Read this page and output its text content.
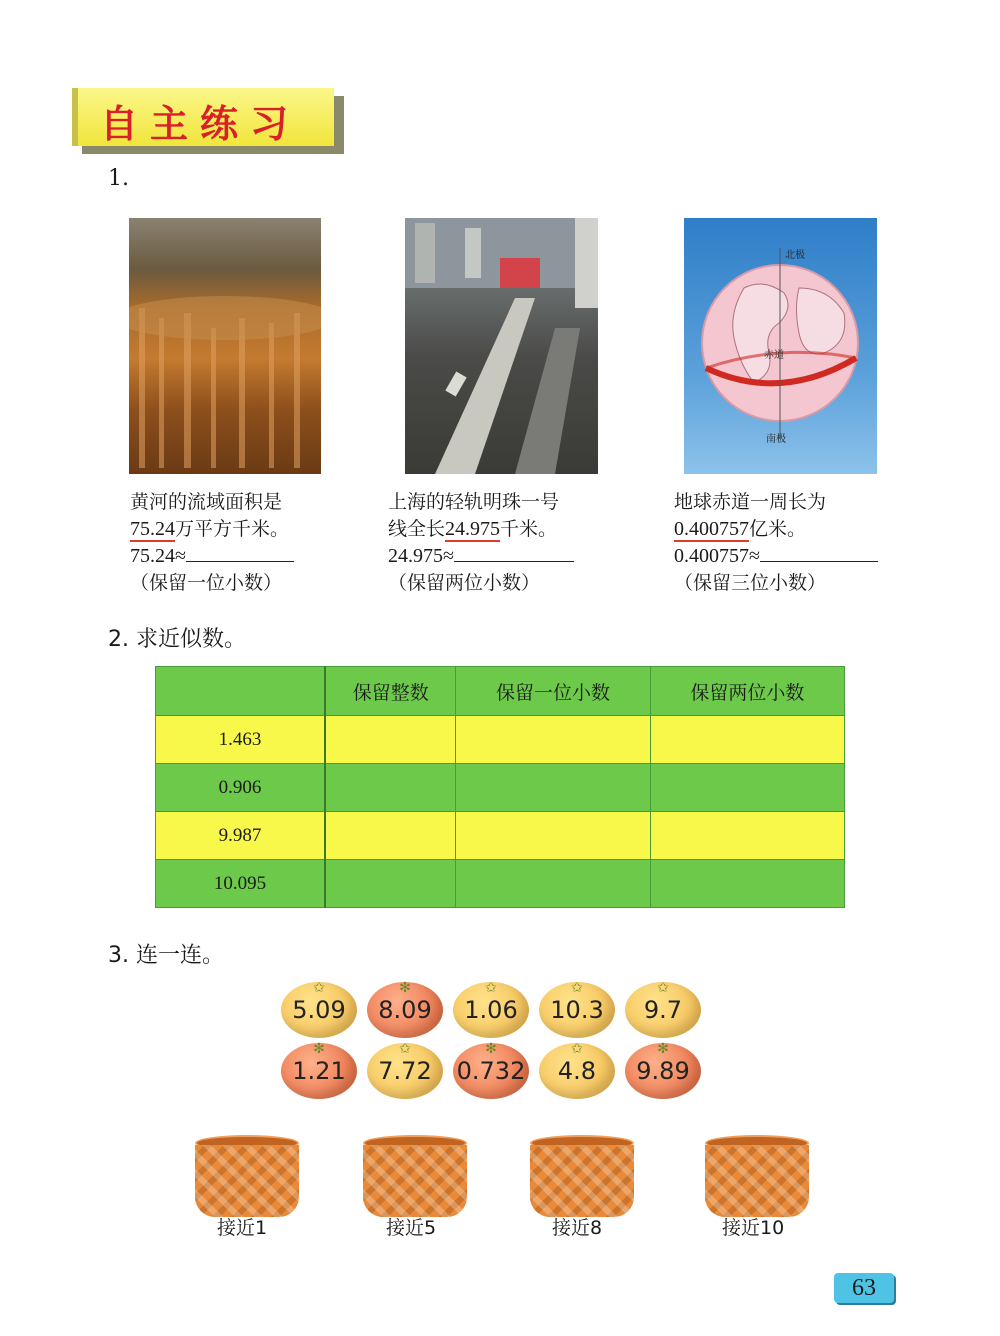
自主练习
1.
北极
赤道
南极
黄河的流域面积是
75.24万平方千米。
75.24≈
（保留一位小数）
上海的轻轨明珠一号
线全长24.975千米。
24.975≈
（保留两位小数）
地球赤道一周长为
0.400757亿米。
0.400757≈
（保留三位小数）
2. 求近似数。
	保留整数	保留一位小数	保留两位小数
1.463			
0.906			
9.987			
10.095			
3. 连一连。
✩
5.09
✻
8.09
✩
1.06
✩
10.3
✩
9.7
✻
1.21
✩
7.72
✻
0.732
✩
4.8
✻
9.89
接近1	接近5	接近8	接近10
63
